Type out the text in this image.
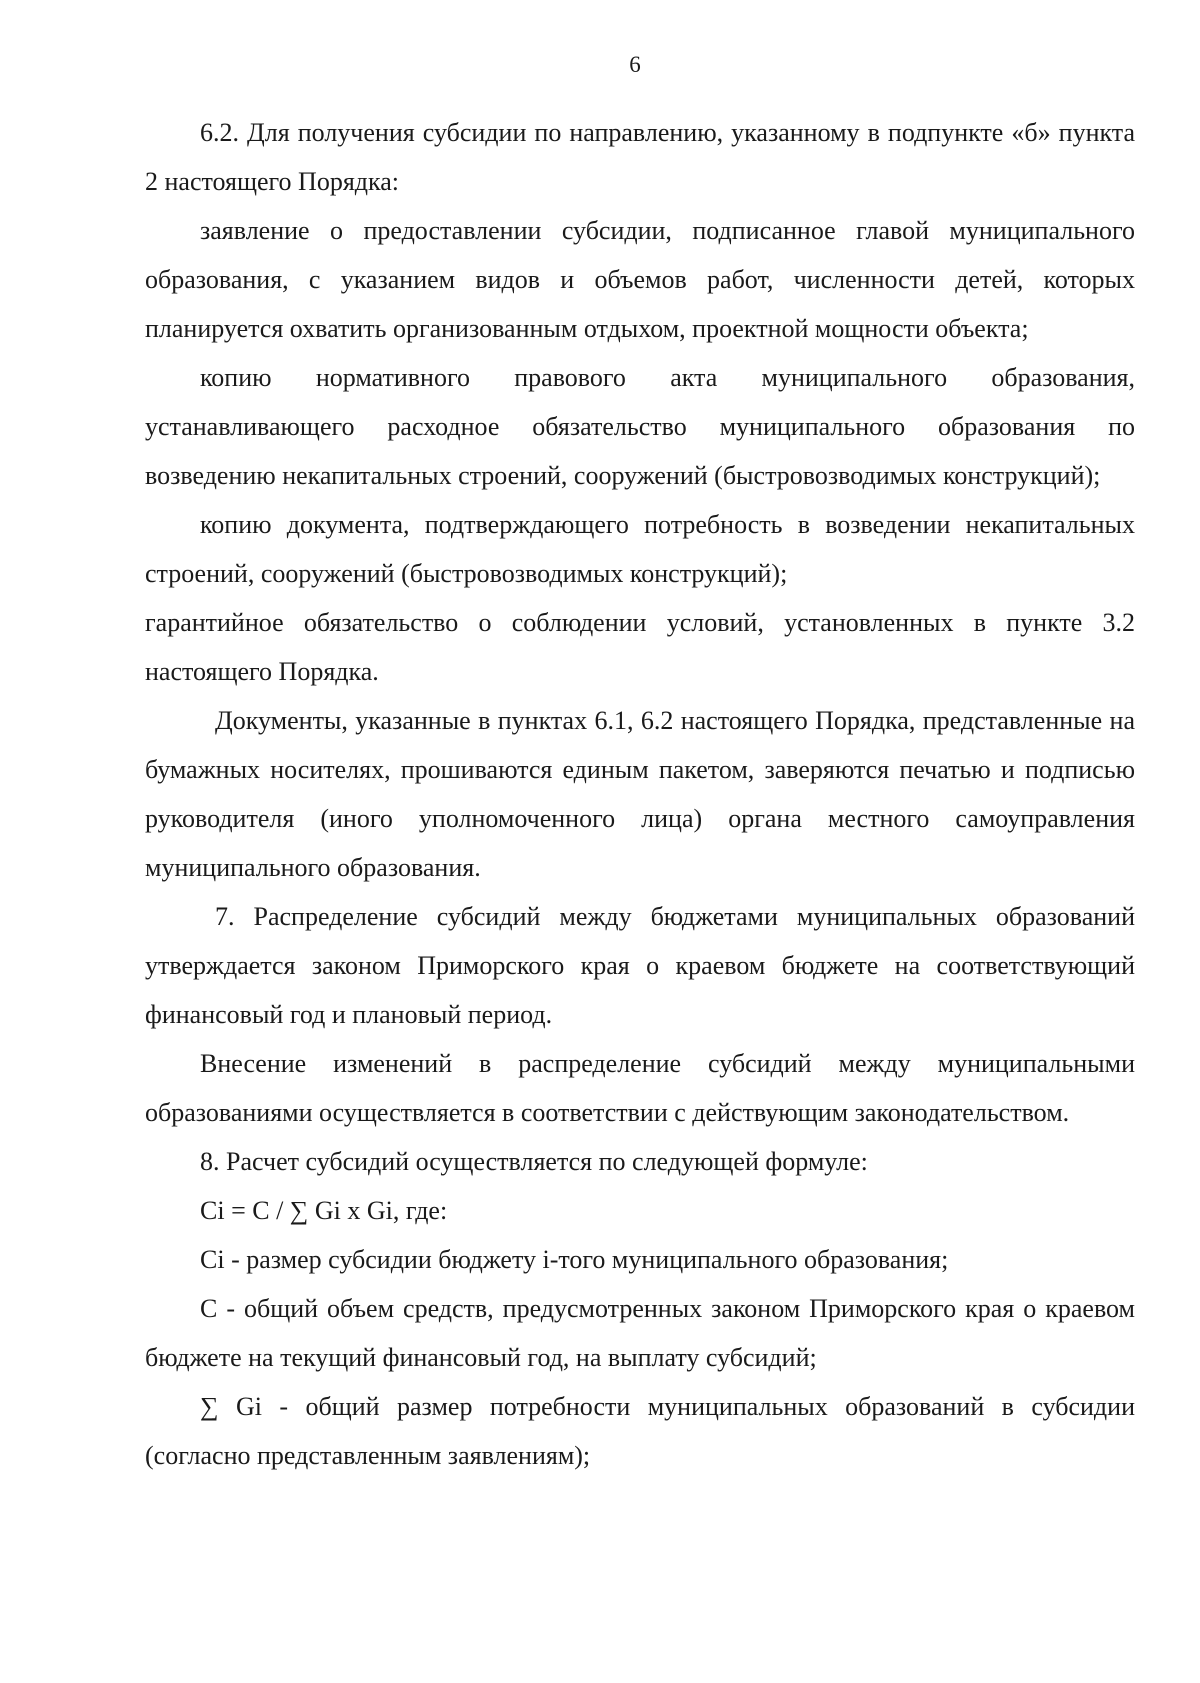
6

6.2. Для получения субсидии по направлению, указанному в подпункте «б» пункта 2 настоящего Порядка:

заявление о предоставлении субсидии, подписанное главой муниципального образования, с указанием видов и объемов работ, численности детей, которых планируется охватить организованным отдыхом, проектной мощности объекта;

копию нормативного правового акта муниципального образования, устанавливающего расходное обязательство муниципального образования по возведению некапитальных строений, сооружений (быстровозводимых конструкций);

копию документа, подтверждающего потребность в возведении некапитальных строений, сооружений (быстровозводимых конструкций);

гарантийное обязательство о соблюдении условий, установленных в пункте 3.2 настоящего Порядка.

Документы, указанные в пунктах 6.1, 6.2 настоящего Порядка, представленные на бумажных носителях, прошиваются единым пакетом, заверяются печатью и подписью руководителя (иного уполномоченного лица) органа местного самоуправления муниципального образования.

7. Распределение субсидий между бюджетами муниципальных образований утверждается законом Приморского края о краевом бюджете на соответствующий финансовый год и плановый период.

Внесение изменений в распределение субсидий между муниципальными образованиями осуществляется в соответствии с действующим законодательством.

8. Расчет субсидий осуществляется по следующей формуле:

Ci = C / ∑ Gi x Gi, где:

Ci - размер субсидии бюджету i-того муниципального образования;

C - общий объем средств, предусмотренных законом Приморского края о краевом бюджете на текущий финансовый год, на выплату субсидий;

∑ Gi - общий размер потребности муниципальных образований в субсидии (согласно представленным заявлениям);
